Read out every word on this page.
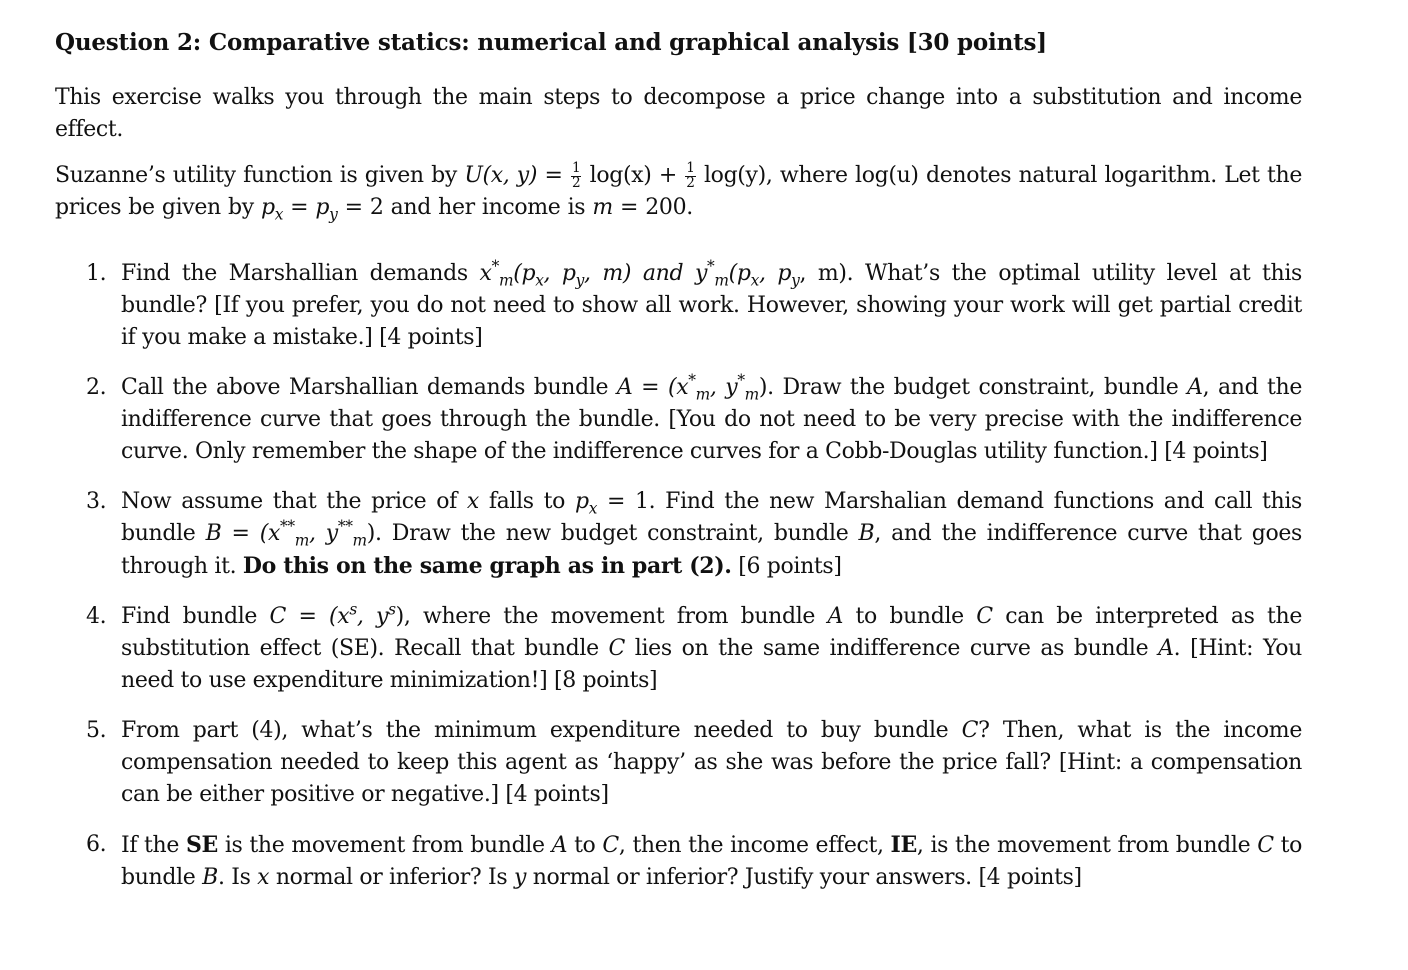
Question 2: Comparative statics: numerical and graphical analysis [30 points]

This exercise walks you through the main steps to decompose a price change into a substitution and income effect.

Suzanne’s utility function is given by U(x, $y) = \frac{1}{2} \log(x) + \frac{1}{2} \log(y)$, where log(u) denotes natural logarithm. Let the prices be given by $p_x = p_y = 2$ and her income is m = 200.

1. Find the Marshallian demands $x^*_m(p_x$, $p_y$, m) and $y^*_m(p_x$, $p_y$, m). What’s the optimal utility level at this bundle? [If you prefer, you do not need to show all work. However, showing your work will get partial credit if you make a mistake.] [4 points]
2. Call the above Marshallian demands bundle $A = (x^*_m$, $y^*_m$). Draw the budget constraint, bundle A, and the indifference curve that goes through the bundle. [You do not need to be very precise with the indifference curve. Only remember the shape of the indifference curves for a Cobb-Douglas utility function.] [4 points]
3. Now assume that the price of x falls to $p_x = 1$. Find the new Marshalian demand functions and call this bundle $B = (x^{**}_m$, $y^{**}_m$). Draw the new budget constraint, bundle B, and the indifference curve that goes through it. Do this on the same graph as in part (2). [6 points]
4. Find bundle $C = (x^s$, $y^s$), where the movement from bundle A to bundle C can be interpreted as the substitution effect (SE). Recall that bundle C lies on the same indifference curve as bundle A. [Hint: You need to use expenditure minimization!] [8 points]
5. From part (4), what’s the minimum expenditure needed to buy bundle C? Then, what is the income compensation needed to keep this agent as ‘happy’ as she was before the price fall? [Hint: a compensation can be either positive or negative.] [4 points]
6. If the SE is the movement from bundle A to C, then the income effect, IE, is the movement from bundle C to bundle B. Is x normal or inferior? Is y normal or inferior? Justify your answers. [4 points]
